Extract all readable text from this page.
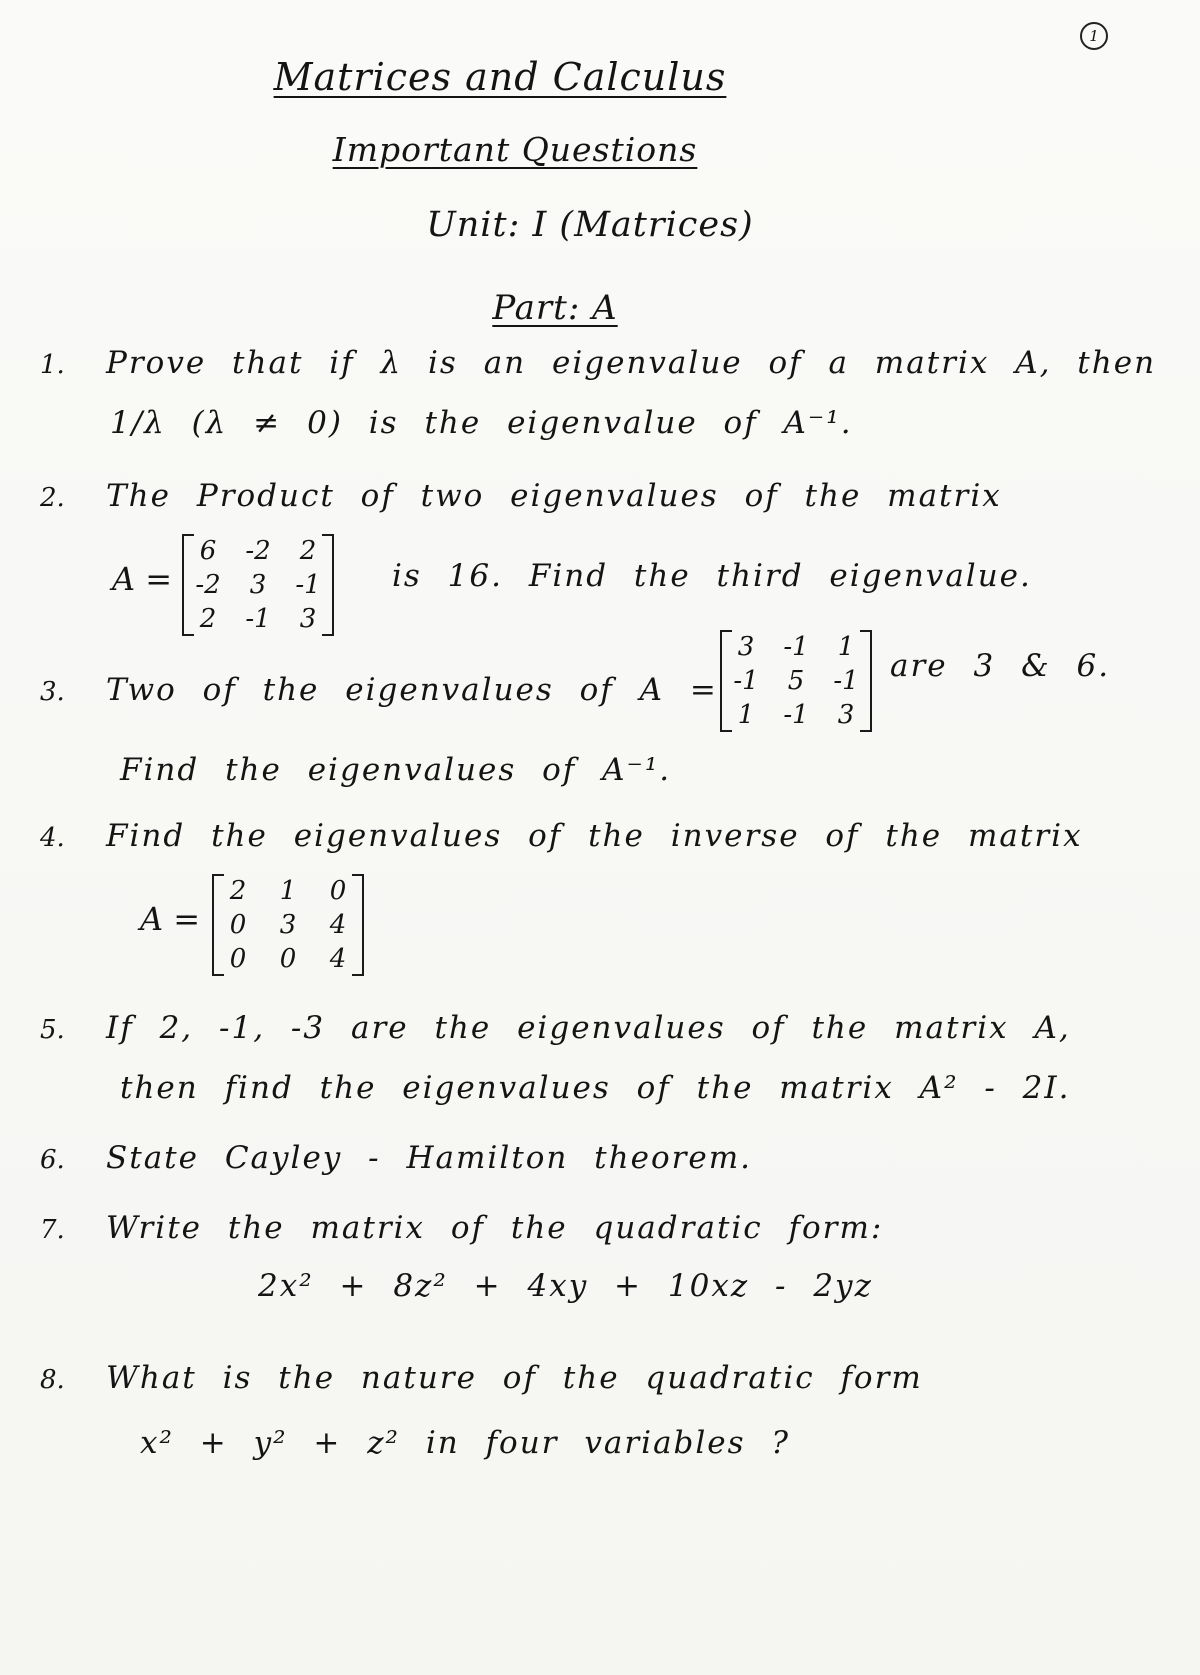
1
Matrices and Calculus
Important Questions
Unit: I (Matrices)
Part: A
1. Prove that if λ is an eigenvalue of a matrix A, then
1/λ (λ ≠ 0) is the eigenvalue of A⁻¹.
2. The Product of two eigenvalues of the matrix
A =
6 -2 2
-2 3 -1
2 -1 3
is 16. Find the third eigenvalue.
3. Two of the eigenvalues of A =
3 -1 1
-1 5 -1
1 -1 3
are 3 & 6.
Find the eigenvalues of A⁻¹.
4. Find the eigenvalues of the inverse of the matrix
A =
2 1 0
0 3 4
0 0 4
5. If 2, -1, -3 are the eigenvalues of the matrix A,
then find the eigenvalues of the matrix A² - 2I.
6. State Cayley - Hamilton theorem.
7. Write the matrix of the quadratic form:
2x² + 8z² + 4xy + 10xz - 2yz
8. What is the nature of the quadratic form
x² + y² + z² in four variables ?
